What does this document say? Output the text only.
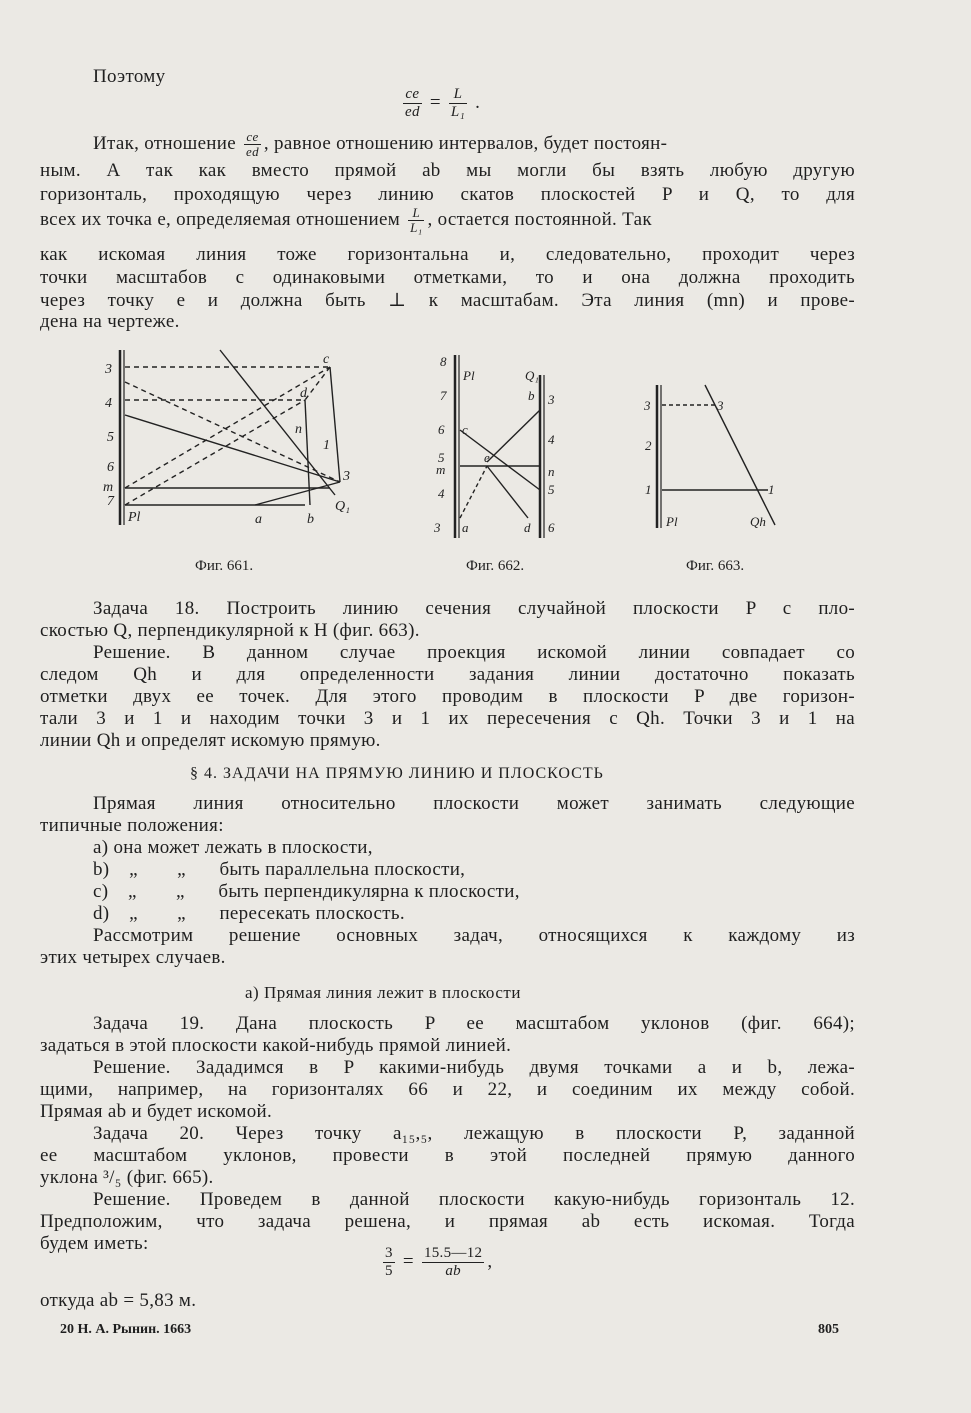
Поэтому
$\frac{ce}{ed} = \frac{L}{\text{L₁}}$ .
Итак, отношение $\frac{ce}{ed}$ , равное отношению интервалов, будет постоян-
ным. А так как вместо прямой ab мы могли бы взять любую другую
горизонталь, проходящую через линию скатов плоскостей P и Q, то для
всех их точка e, определяемая отношением $\frac{L}{\text{L₁}}$ , остается постоянной. Так
как искомая линия тоже горизонтальна и, следовательно, проходит через
точки масштабов с одинаковыми отметками, то и она должна проходить
через точку e и должна быть ⊥ к масштабам. Эта линия (mn) и прове-
дена на чертеже.
3
4
5
6
m
7
c
d
n
1
3
Pl	a	b
Q₁
8
7
6
5
m
4
3
Pl	Q₁
b 3
c
4
e
n
5
a	d 6
3
2
1
3
1
Pl	Qh
Фиг. 661.	Фиг. 662.	Фиг. 663.
Задача 18. Построить линию сечения случайной плоскости P с пло-
скостью Q, перпендикулярной к H (фиг. 663).
Решение. В данном случае проекция искомой линии совпадает со
следом Qh и для определенности задания линии достаточно показать
отметки двух ее точек. Для этого проводим в плоскости P две горизон-
тали 3 и 1 и находим точки 3 и 1 их пересечения с Qh. Точки 3 и 1 на
линии Qh и определят искомую прямую.
§ 4. ЗАДАЧИ НА ПРЯМУЮ ЛИНИЮ И ПЛОСКОСТЬ
Прямая линия относительно плоскости может занимать следующие
типичные положения:
a) она может лежать в плоскости,
b) „ „ быть параллельна плоскости,
c) „ „ быть перпендикулярна к плоскости,
d) „ „ пересекать плоскость.
Рассмотрим решение основных задач, относящихся к каждому из
этих четырех случаев.
а) Прямая линия лежит в плоскости
Задача 19. Дана плоскость P ее масштабом уклонов (фиг. 664);
задаться в этой плоскости какой-нибудь прямой линией.
Решение. Зададимся в P какими-нибудь двумя точками a и b, лежа-
щими, например, на горизонталях 66 и 22, и соединим их между собой.
Прямая ab и будет искомой.
Задача 20. Через точку a₁₅,₅, лежащую в плоскости P, заданной
ее масштабом уклонов, провести в этой последней прямую данного
уклона ³/₅ (фиг. 665).
Решение. Проведем в данной плоскости какую-нибудь горизонталь 12.
Предположим, что задача решена, и прямая ab есть искомая. Тогда
будем иметь:
$\frac{3}{5} = \frac{15.5—12}{ab}$ ,
откуда ab = 5,83 м.
20 Н. А. Рынин. 1663	805
